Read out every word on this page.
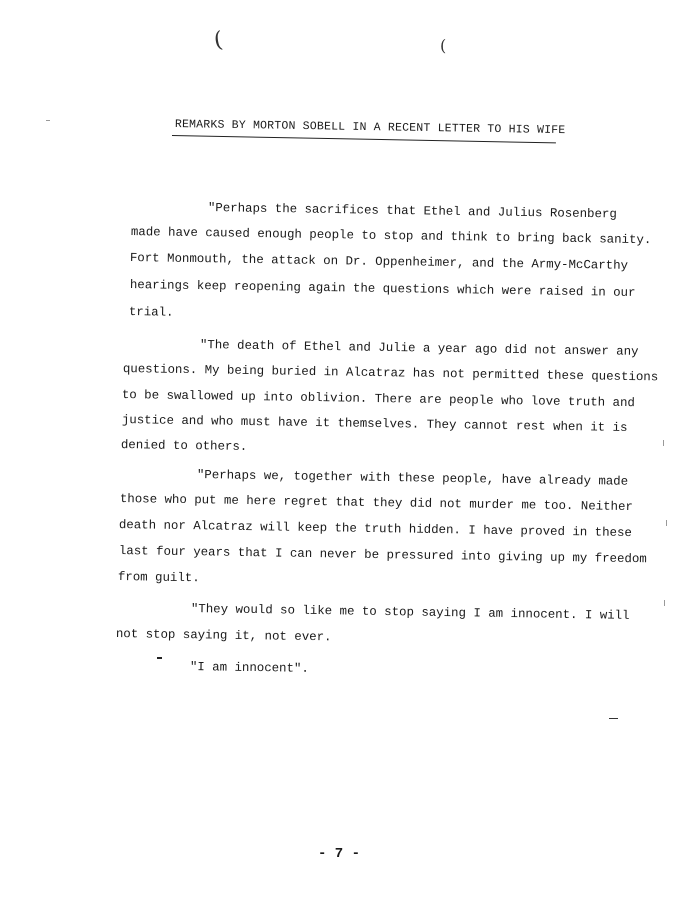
(	(
REMARKS BY MORTON SOBELL IN A RECENT LETTER TO HIS WIFE
"Perhaps the sacrifices that Ethel and Julius Rosenberg
made have caused enough people to stop and think to bring back sanity.
Fort Monmouth, the attack on Dr. Oppenheimer, and the Army-McCarthy
hearings keep reopening again the questions which were raised in our
trial.
"The death of Ethel and Julie a year ago did not answer any
questions. My being buried in Alcatraz has not permitted these questions
to be swallowed up into oblivion. There are people who love truth and
justice and who must have it themselves. They cannot rest when it is
denied to others.
"Perhaps we, together with these people, have already made
those who put me here regret that they did not murder me too. Neither
death nor Alcatraz will keep the truth hidden. I have proved in these
last four years that I can never be pressured into giving up my freedom
from guilt.
"They would so like me to stop saying I am innocent. I will
not stop saying it, not ever.
"I am innocent".
- 7 -
